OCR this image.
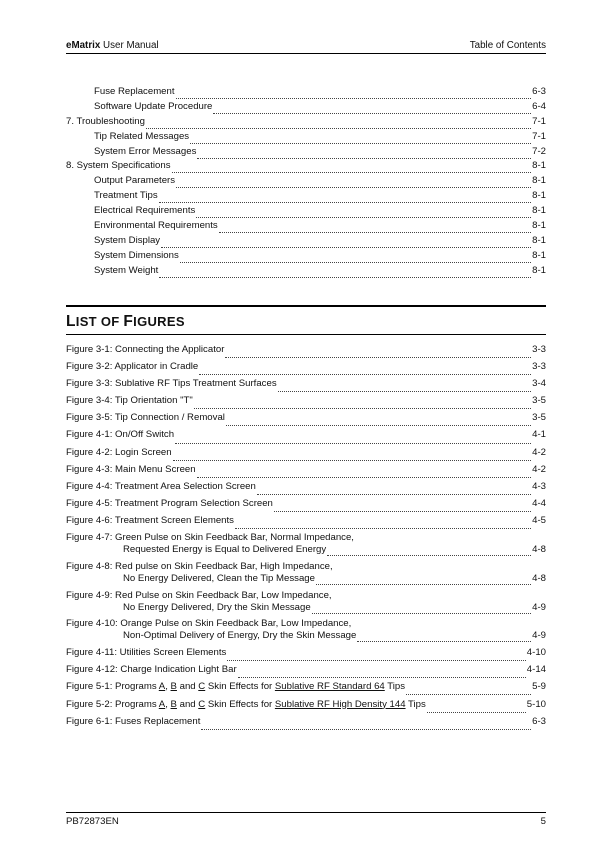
eMatrix User Manual	Table of Contents
Fuse Replacement	6-3
Software Update Procedure	6-4
7. Troubleshooting	7-1
Tip Related Messages	7-1
System Error Messages	7-2
8. System Specifications	8-1
Output Parameters	8-1
Treatment Tips	8-1
Electrical Requirements	8-1
Environmental Requirements	8-1
System Display	8-1
System Dimensions	8-1
System Weight	8-1
LIST OF FIGURES
Figure 3-1: Connecting the Applicator	3-3
Figure 3-2: Applicator in Cradle	3-3
Figure 3-3: Sublative RF Tips Treatment Surfaces	3-4
Figure 3-4: Tip Orientation "T"	3-5
Figure 3-5: Tip Connection / Removal	3-5
Figure 4-1: On/Off Switch	4-1
Figure 4-2: Login Screen	4-2
Figure 4-3: Main Menu Screen	4-2
Figure 4-4: Treatment Area Selection Screen	4-3
Figure 4-5: Treatment Program Selection Screen	4-4
Figure 4-6: Treatment Screen Elements	4-5
Figure 4-7: Green Pulse on Skin Feedback Bar, Normal Impedance,
Requested Energy is Equal to Delivered Energy	4-8
Figure 4-8: Red pulse on Skin Feedback Bar, High Impedance,
No Energy Delivered, Clean the Tip Message	4-8
Figure 4-9: Red Pulse on Skin Feedback Bar, Low Impedance,
No Energy Delivered, Dry the Skin Message	4-9
Figure 4-10: Orange Pulse on Skin Feedback Bar, Low Impedance,
Non-Optimal Delivery of Energy, Dry the Skin Message	4-9
Figure 4-11: Utilities Screen Elements	4-10
Figure 4-12: Charge Indication Light Bar	4-14
Figure 5-1: Programs A, B and C Skin Effects for Sublative RF Standard 64 Tips	5-9
Figure 5-2: Programs A, B and C Skin Effects for Sublative RF High Density 144 Tips	5-10
Figure 6-1: Fuses Replacement	6-3
PB72873EN	5
